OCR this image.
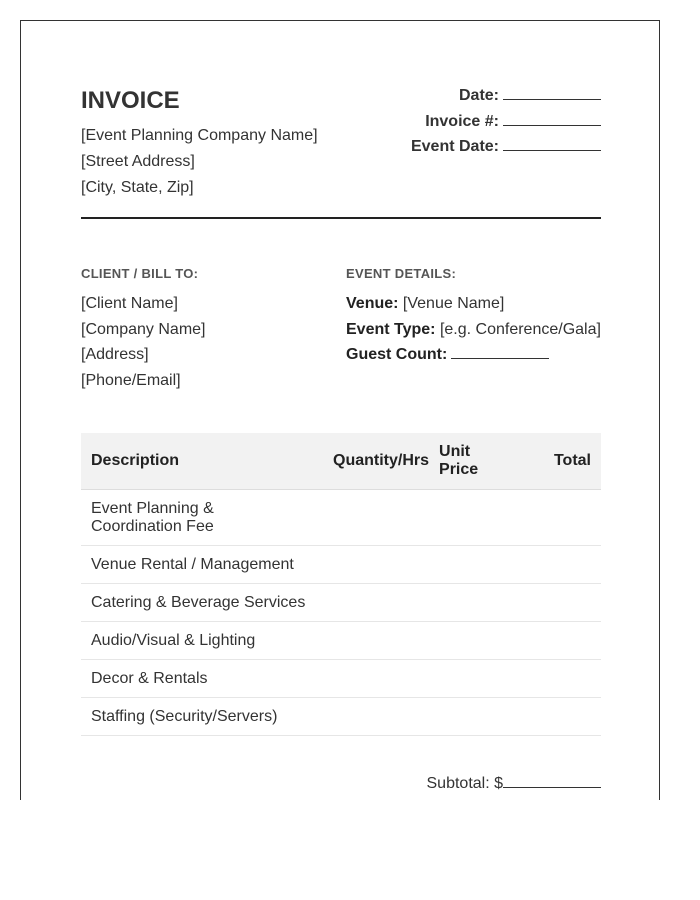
INVOICE
[Event Planning Company Name]
[Street Address]
[City, State, Zip]
Date:
Invoice #:
Event Date:
CLIENT / BILL TO:
[Client Name]
[Company Name]
[Address]
[Phone/Email]
EVENT DETAILS:
Venue: [Venue Name]
Event Type: [e.g. Conference/Gala]
Guest Count:
Description	Quantity/Hrs	Unit Price	Total
Event Planning & Coordination Fee			
Venue Rental / Management			
Catering & Beverage Services			
Audio/Visual & Lighting			
Decor & Rentals			
Staffing (Security/Servers)			
Subtotal: $
